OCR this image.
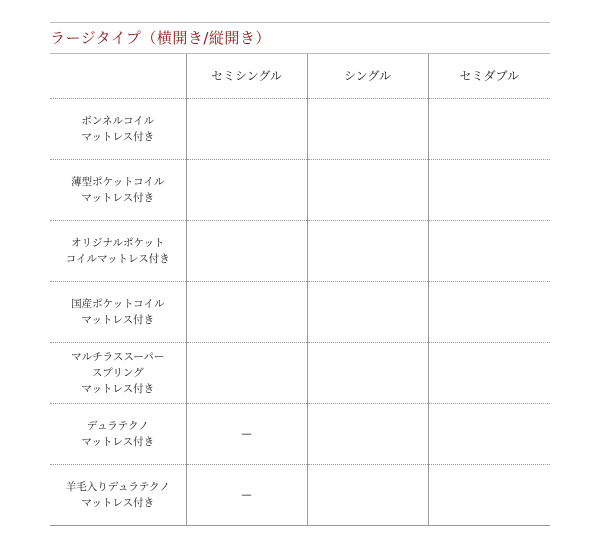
ラージタイプ（横開き/縦開き）
	セミシングル	シングル	セミダブル

ボンネルコイル
マットレス付き			

薄型ポケットコイル
マットレス付き			

オリジナルポケット
コイルマットレス付き			

国産ポケットコイル
マットレス付き			

マルチラススーパー
スプリング
マットレス付き			

デュラテクノ
マットレス付き	—		

羊毛入りデュラテクノ
マットレス付き	—		
